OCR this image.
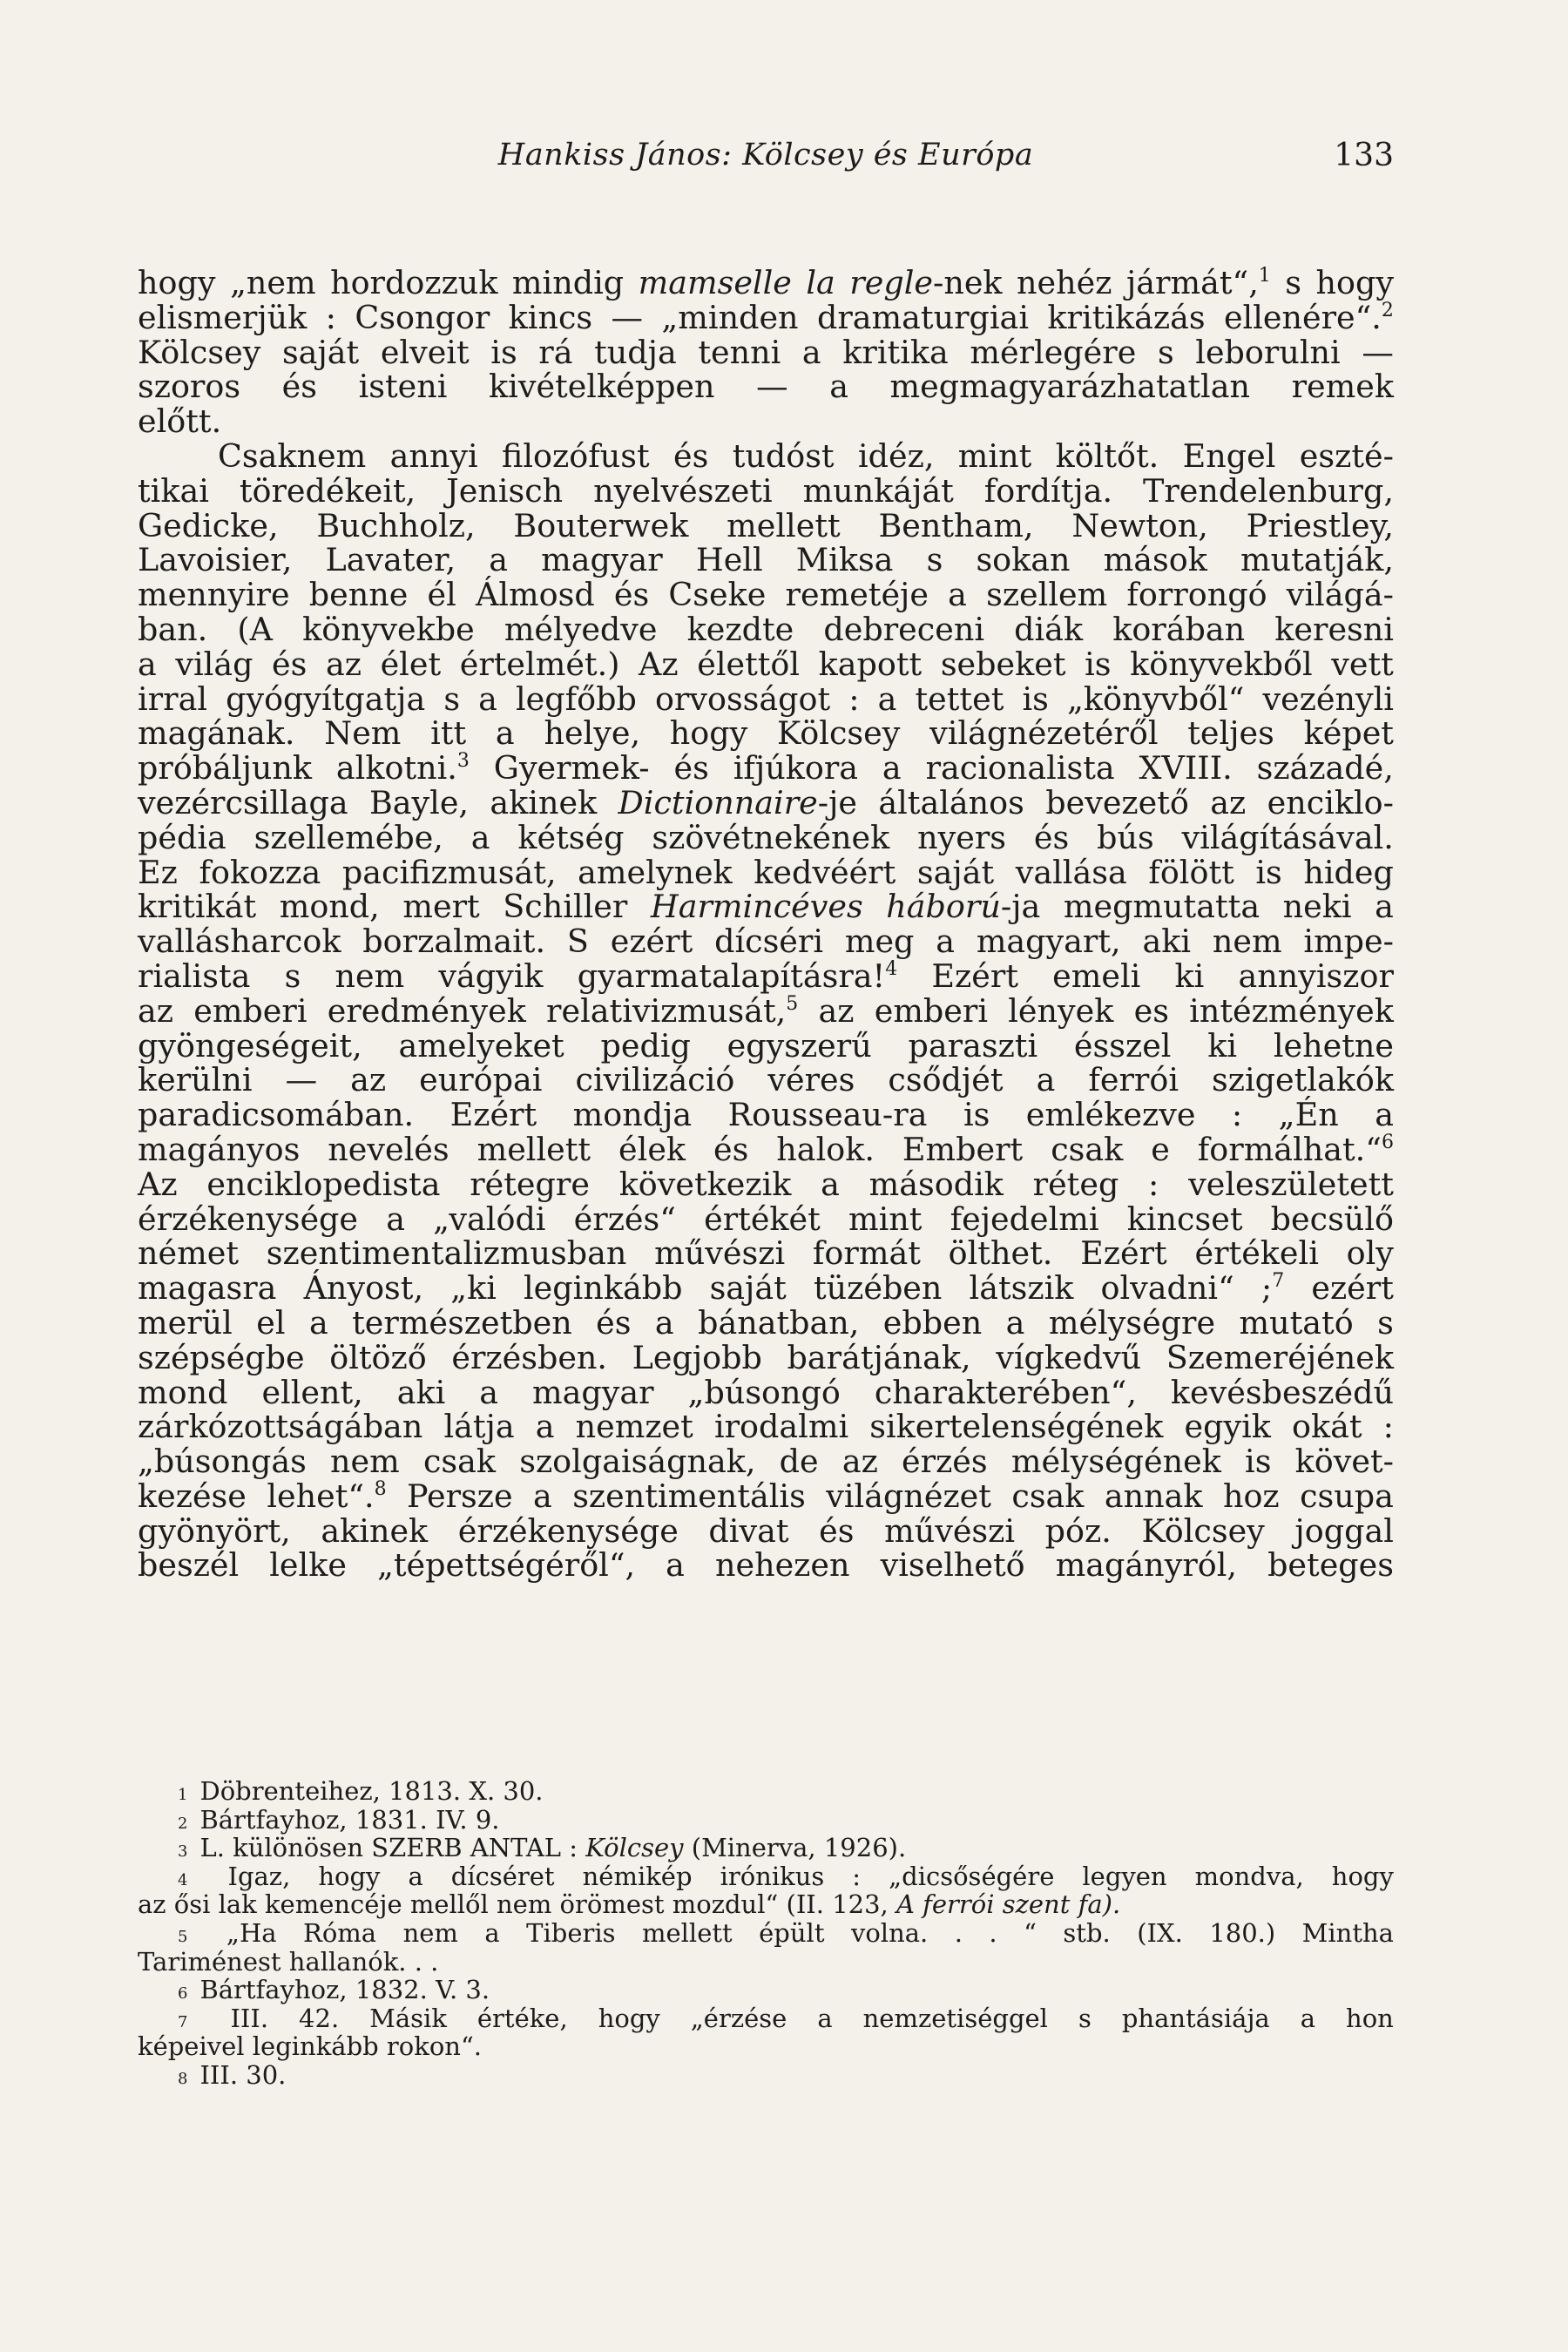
Hankiss János: Kölcsey és Európa	133
hogy „nem hordozzuk mindig mamselle la regle-nek nehéz jármát“,$^1$ s hogy
elismerjük : Csongor kincs — „minden dramaturgiai kritikázás ellenére“.$^2$
Kölcsey saját elveit is rá tudja tenni a kritika mérlegére s leborulni —
szoros és isteni kivételképpen — a megmagyarázhatatlan remek
előtt.
Csaknem annyi filozófust és tudóst idéz, mint költőt. Engel eszté-
tikai töredékeit, Jenisch nyelvészeti munkáját fordítja. Trendelenburg,
Gedicke, Buchholz, Bouterwek mellett Bentham, Newton, Priestley,
Lavoisier, Lavater, a magyar Hell Miksa s sokan mások mutatják,
mennyire benne él Álmosd és Cseke remetéje a szellem forrongó világá-
ban. (A könyvekbe mélyedve kezdte debreceni diák korában keresni
a világ és az élet értelmét.) Az élettől kapott sebeket is könyvekből vett
irral gyógyítgatja s a legfőbb orvosságot : a tettet is „könyvből“ vezényli
magának. Nem itt a helye, hogy Kölcsey világnézetéről teljes képet
próbáljunk alkotni.$^3$ Gyermek- és ifjúkora a racionalista XVIII. századé,
vezércsillaga Bayle, akinek Dictionnaire-je általános bevezető az enciklo-
pédia szellemébe, a kétség szövétnekének nyers és bús világításával.
Ez fokozza pacifizmusát, amelynek kedvéért saját vallása fölött is hideg
kritikát mond, mert Schiller Harmincéves háború-ja megmutatta neki a
vallásharcok borzalmait. S ezért dícséri meg a magyart, aki nem impe-
rialista s nem vágyik gyarmatalapításra!$^4$ Ezért emeli ki annyiszor
az emberi eredmények relativizmusát,$^5$ az emberi lények es intézmények
gyöngeségeit, amelyeket pedig egyszerű paraszti ésszel ki lehetne
kerülni — az európai civilizáció véres csődjét a ferrói szigetlakók
paradicsomában. Ezért mondja Rousseau-ra is emlékezve : „Én a
magányos nevelés mellett élek és halok. Embert csak e formálhat.“$^6$
Az enciklopedista rétegre következik a második réteg : veleszületett
érzékenysége a „valódi érzés“ értékét mint fejedelmi kincset becsülő
német szentimentalizmusban művészi formát ölthet. Ezért értékeli oly
magasra Ányost, „ki leginkább saját tüzében látszik olvadni“ ;$^7$ ezért
merül el a természetben és a bánatban, ebben a mélységre mutató s
szépségbe öltöző érzésben. Legjobb barátjának, vígkedvű Szemeréjének
mond ellent, aki a magyar „búsongó charakterében“, kevésbeszédű
zárkózottságában látja a nemzet irodalmi sikertelenségének egyik okát :
„búsongás nem csak szolgaiságnak, de az érzés mélységének is követ-
kezése lehet“.$^8$ Persze a szentimentális világnézet csak annak hoz csupa
gyönyört, akinek érzékenysége divat és művészi póz. Kölcsey joggal
beszél lelke „tépettségéről“, a nehezen viselhető magányról, beteges
1 Döbrenteihez, 1813. X. 30.
2 Bártfayhoz, 1831. IV. 9.
3 L. különösen SZERB ANTAL : Kölcsey (Minerva, 1926).
4 Igaz, hogy a dícséret némikép irónikus : „dicsőségére legyen mondva, hogy
az ősi lak kemencéje mellől nem örömest mozdul“ (II. 123, A ferrói szent fa).
5 „Ha Róma nem a Tiberis mellett épült volna. . . “ stb. (IX. 180.) Mintha
Tariménest hallanók. . .
6 Bártfayhoz, 1832. V. 3.
7 III. 42. Másik értéke, hogy „érzése a nemzetiséggel s phantásiája a hon
képeivel leginkább rokon“.
8 III. 30.
